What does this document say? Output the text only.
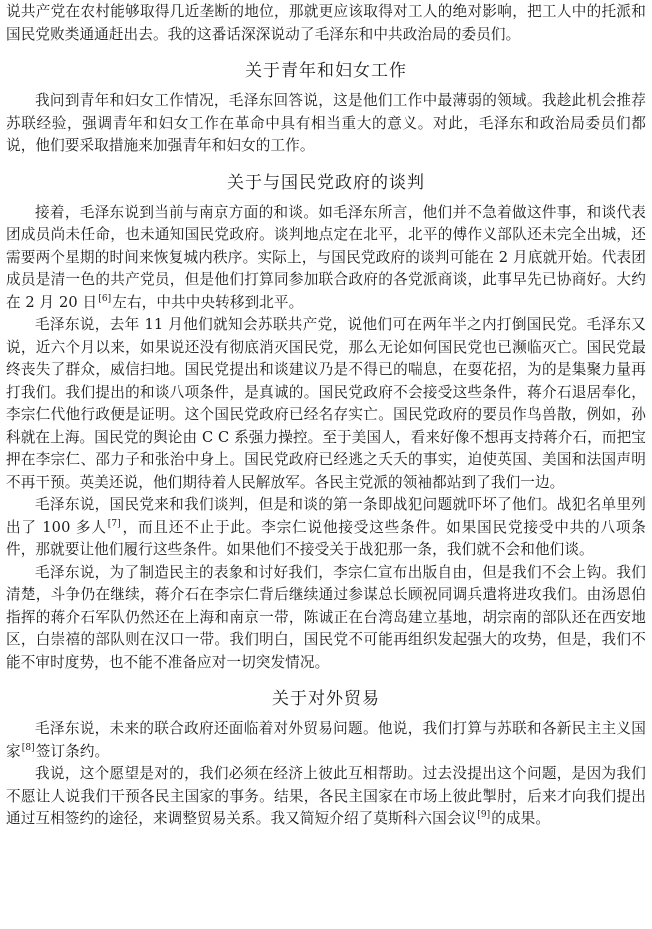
说共产党在农村能够取得几近垄断的地位，那就更应该取得对工人的绝对影响，把工人中的托派和国民党败类通通赶出去。我的这番话深深说动了毛泽东和中共政治局的委员们。

关于青年和妇女工作

我问到青年和妇女工作情况，毛泽东回答说，这是他们工作中最薄弱的领域。我趁此机会推荐苏联经验，强调青年和妇女工作在革命中具有相当重大的意义。对此，毛泽东和政治局委员们都说，他们要采取措施来加强青年和妇女的工作。

关于与国民党政府的谈判

接着，毛泽东说到当前与南京方面的和谈。如毛泽东所言，他们并不急着做这件事，和谈代表团成员尚未任命，也未通知国民党政府。谈判地点定在北平，北平的傅作义部队还未完全出城，还需要两个星期的时间来恢复城内秩序。实际上，与国民党政府的谈判可能在 2 月底就开始。代表团成员是清一色的共产党员，但是他们打算同参加联合政府的各党派商谈，此事早先已协商好。大约在 2 月 20 日[6]左右，中共中央转移到北平。

毛泽东说，去年 11 月他们就知会苏联共产党，说他们可在两年半之内打倒国民党。毛泽东又说，近六个月以来，如果说还没有彻底消灭国民党，那么无论如何国民党也已濒临灭亡。国民党最终丧失了群众，威信扫地。国民党提出和谈建议乃是不得已的喘息，在耍花招，为的是集聚力量再打我们。我们提出的和谈八项条件，是真诚的。国民党政府不会接受这些条件，蒋介石退居奉化，李宗仁代他行政便是证明。这个国民党政府已经名存实亡。国民党政府的要员作鸟兽散，例如，孙科就在上海。国民党的舆论由 C C 系强力操控。至于美国人，看来好像不想再支持蒋介石，而把宝押在李宗仁、邵力子和张治中身上。国民党政府已经逃之夭夭的事实，迫使英国、美国和法国声明不再干预。英美还说，他们期待着人民解放军。各民主党派的领袖都站到了我们一边。

毛泽东说，国民党来和我们谈判，但是和谈的第一条即战犯问题就吓坏了他们。战犯名单里列出了 100 多人[7]，而且还不止于此。李宗仁说他接受这些条件。如果国民党接受中共的八项条件，那就要让他们履行这些条件。如果他们不接受关于战犯那一条，我们就不会和他们谈。

毛泽东说，为了制造民主的表象和讨好我们，李宗仁宣布出版自由，但是我们不会上钩。我们清楚，斗争仍在继续，蒋介石在李宗仁背后继续通过参谋总长顾祝同调兵遣将进攻我们。由汤恩伯指挥的蒋介石军队仍然还在上海和南京一带，陈诚正在台湾岛建立基地，胡宗南的部队还在西安地区，白崇禧的部队则在汉口一带。我们明白，国民党不可能再组织发起强大的攻势，但是，我们不能不审时度势，也不能不准备应对一切突发情况。

关于对外贸易

毛泽东说，未来的联合政府还面临着对外贸易问题。他说，我们打算与苏联和各新民主主义国家[8]签订条约。

我说，这个愿望是对的，我们必须在经济上彼此互相帮助。过去没提出这个问题，是因为我们不愿让人说我们干预各民主国家的事务。结果，各民主国家在市场上彼此掣肘，后来才向我们提出通过互相签约的途径，来调整贸易关系。我又简短介绍了莫斯科六国会议[9]的成果。
